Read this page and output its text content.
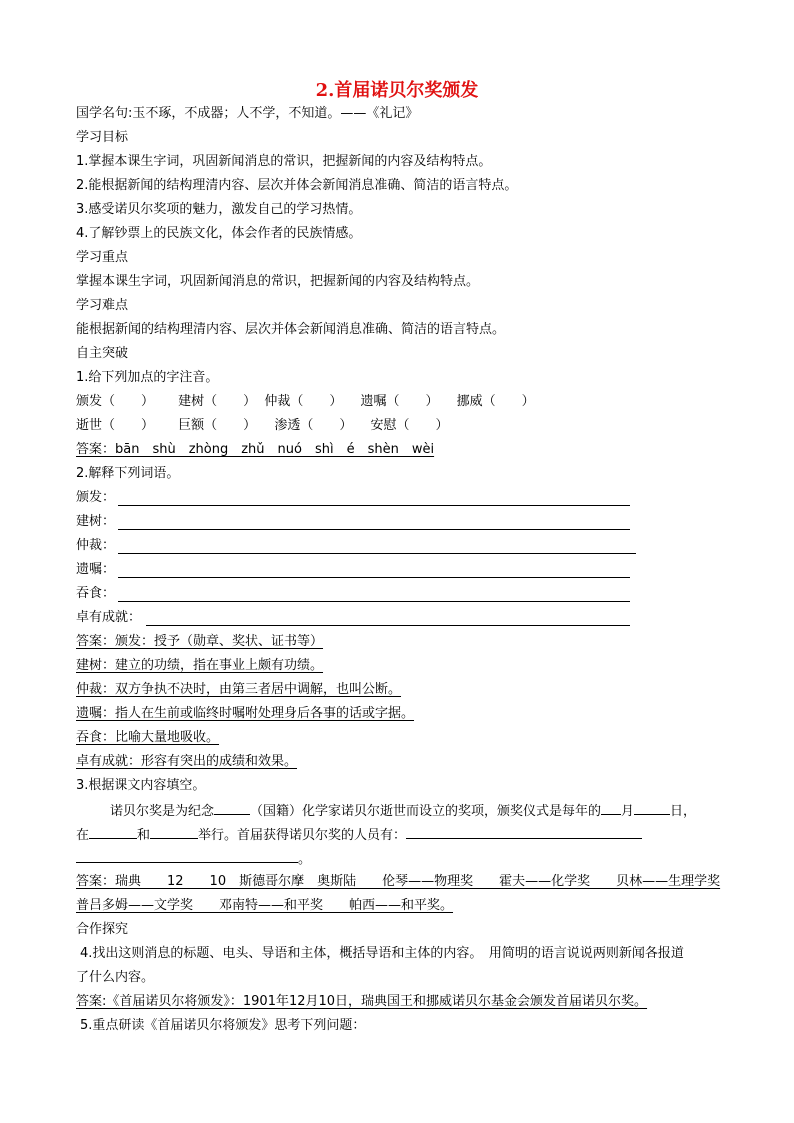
2.首届诺贝尔奖颁发
国学名句:玉不琢，不成器；人不学，不知道。——《礼记》
学习目标
1.掌握本课生字词，巩固新闻消息的常识，把握新闻的内容及结构特点。
2.能根据新闻的结构理清内容、层次并体会新闻消息准确、简洁的语言特点。
3.感受诺贝尔奖项的魅力，激发自己的学习热情。
4.了解钞票上的民族文化，体会作者的民族情感。
学习重点
掌握本课生字词，巩固新闻消息的常识，把握新闻的内容及结构特点。
学习难点
能根据新闻的结构理清内容、层次并体会新闻消息准确、简洁的语言特点。
自主突破
1.给下列加点的字注音。
颁发（　　） 建树（　　） 仲裁（　　） 遗嘱（　　） 挪威（　　）
逝世（　　） 巨额（　　） 渗透（　　） 安慰（　　）
答案：bān　shù　zhòng　zhǔ　nuó　shì　é　shèn　wèi
2.解释下列词语。
颁发：
建树：
仲裁：
遗嘱：
吞食：
卓有成就：
答案：颁发：授予（勋章、奖状、证书等）
建树：建立的功绩，指在事业上颇有功绩。
仲裁：双方争执不决时，由第三者居中调解，也叫公断。
遗嘱：指人在生前或临终时嘱咐处理身后各事的话或字据。
吞食：比喻大量地吸收。
卓有成就：形容有突出的成绩和效果。
3.根据课文内容填空。
诺贝尔奖是为纪念	（国籍）化学家诺贝尔逝世而设立的奖项，颁奖仪式是每年的 月	日，
在	和	举行。首届获得诺贝尔奖的人员有：
。
答案：瑞典　　12　　10　斯德哥尔摩　奥斯陆　　伦琴——物理奖　　霍夫——化学奖　　贝林——生理学奖
普吕多姆——文学奖　　邓南特——和平奖　　帕西——和平奖。
合作探究
4.找出这则消息的标题、电头、导语和主体，概括导语和主体的内容。　用简明的语言说说两则新闻各报道
了什么内容。
答案:《首届诺贝尔将颁发》：1901年12月10日，瑞典国王和挪威诺贝尔基金会颁发首届诺贝尔奖。
5.重点研读《首届诺贝尔将颁发》思考下列问题：
